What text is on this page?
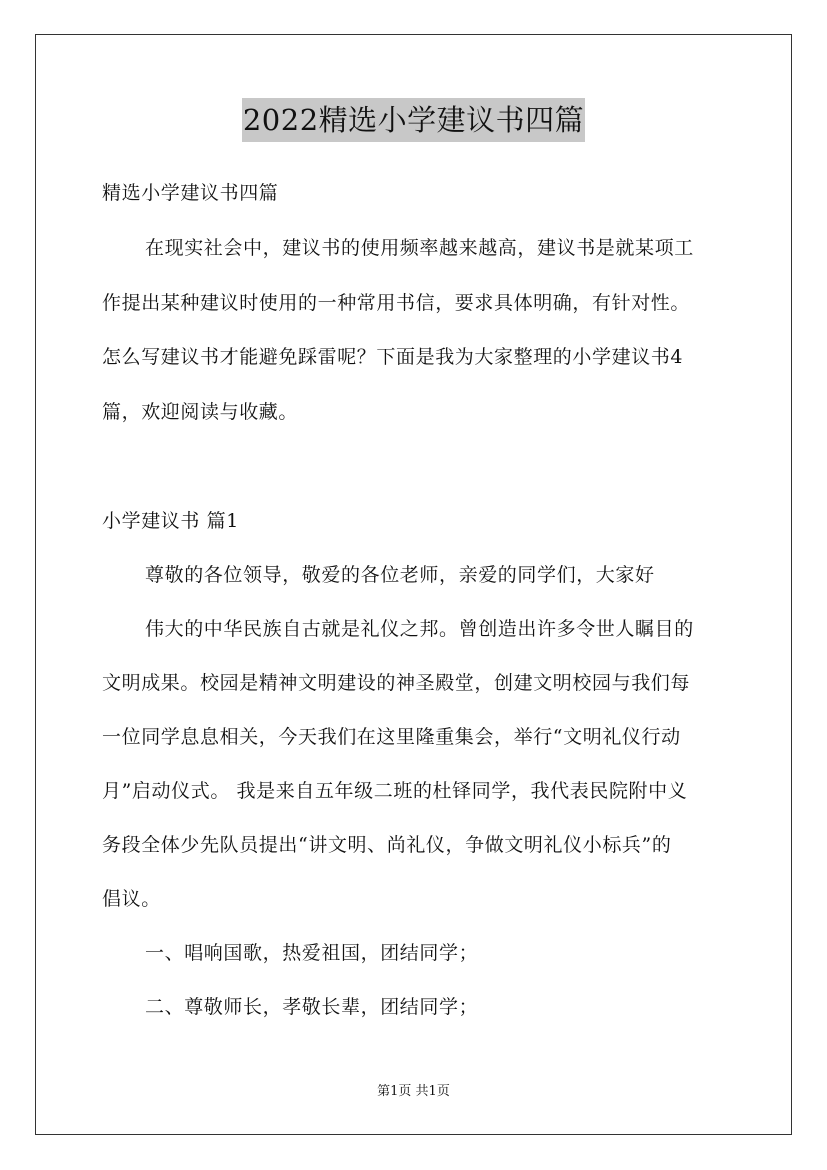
2022精选小学建议书四篇
精选小学建议书四篇
在现实社会中，建议书的使用频率越来越高，建议书是就某项工
作提出某种建议时使用的一种常用书信，要求具体明确，有针对性。
怎么写建议书才能避免踩雷呢？下面是我为大家整理的小学建议书4
篇，欢迎阅读与收藏。
小学建议书 篇1
尊敬的各位领导，敬爱的各位老师，亲爱的同学们，大家好
伟大的中华民族自古就是礼仪之邦。曾创造出许多令世人瞩目的
文明成果。校园是精神文明建设的神圣殿堂，创建文明校园与我们每
一位同学息息相关，今天我们在这里隆重集会，举行“文明礼仪行动
月”启动仪式。 我是来自五年级二班的杜铎同学，我代表民院附中义
务段全体少先队员提出“讲文明、尚礼仪，争做文明礼仪小标兵”的
倡议。
一、唱响国歌，热爱祖国，团结同学；
二、尊敬师长，孝敬长辈，团结同学；
第1页 共1页
